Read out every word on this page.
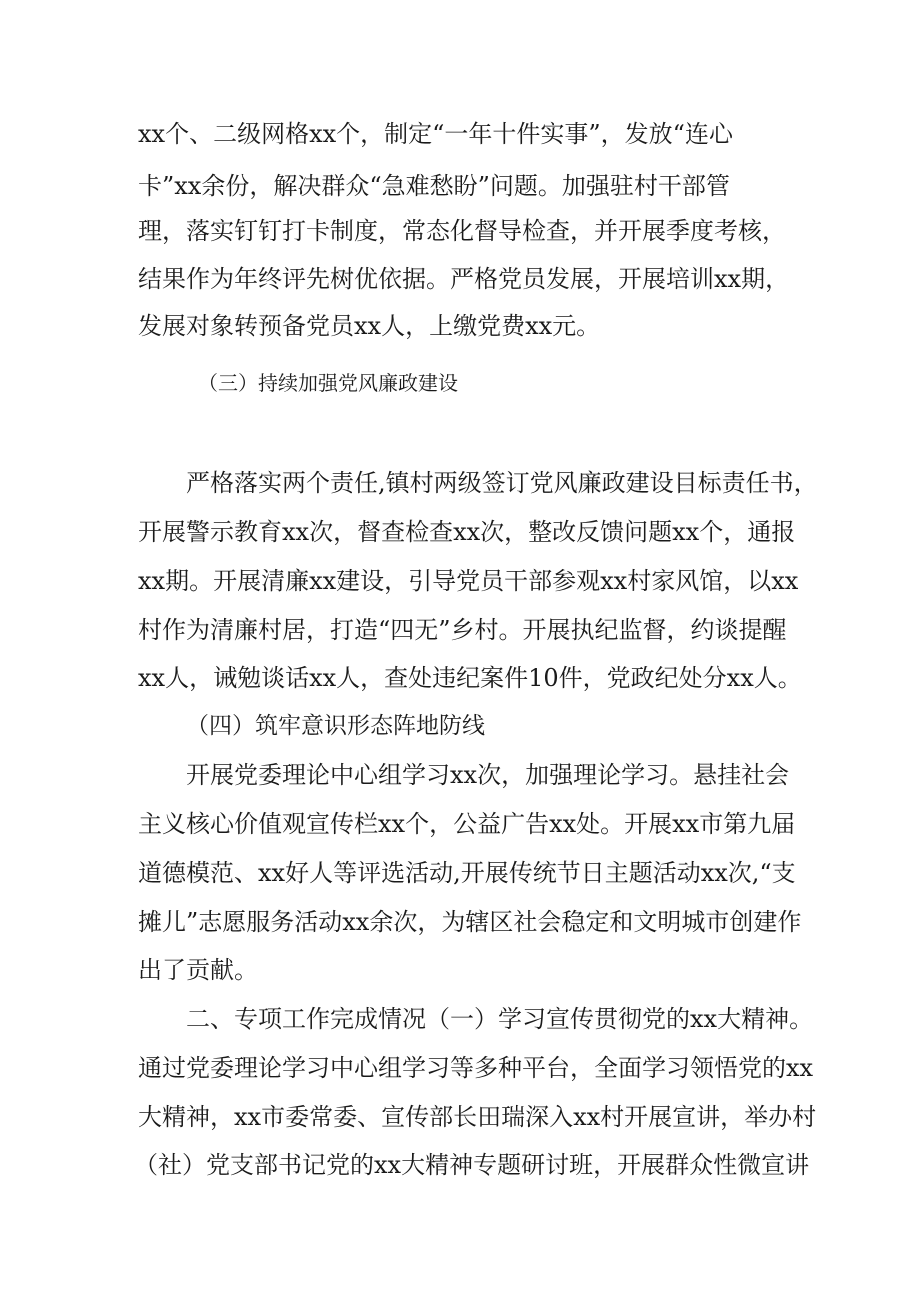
xx个、二级网格xx个，制定“一年十件实事”，发放“连心

卡”xx余份，解决群众“急难愁盼”问题。加强驻村干部管

理，落实钉钉打卡制度，常态化督导检查，并开展季度考核，

结果作为年终评先树优依据。严格党员发展，开展培训xx期，

发展对象转预备党员xx人，上缴党费xx元。

（三）持续加强党风廉政建设

严格落实两个责任,镇村两级签订党风廉政建设目标责任书，

开展警示教育xx次，督查检查xx次，整改反馈问题xx个，通报

xx期。开展清廉xx建设，引导党员干部参观xx村家风馆，以xx

村作为清廉村居，打造“四无”乡村。开展执纪监督，约谈提醒

xx人，诫勉谈话xx人，查处违纪案件10件，党政纪处分xx人。

（四）筑牢意识形态阵地防线

开展党委理论中心组学习xx次，加强理论学习。悬挂社会

主义核心价值观宣传栏xx个，公益广告xx处。开展xx市第九届

道德模范、xx好人等评选活动,开展传统节日主题活动xx次,“支

摊儿”志愿服务活动xx余次，为辖区社会稳定和文明城市创建作

出了贡献。

二、专项工作完成情况（一）学习宣传贯彻党的xx大精神。

通过党委理论学习中心组学习等多种平台，全面学习领悟党的xx

大精神，xx市委常委、宣传部长田瑞深入xx村开展宣讲，举办村

（社）党支部书记党的xx大精神专题研讨班，开展群众性微宣讲
